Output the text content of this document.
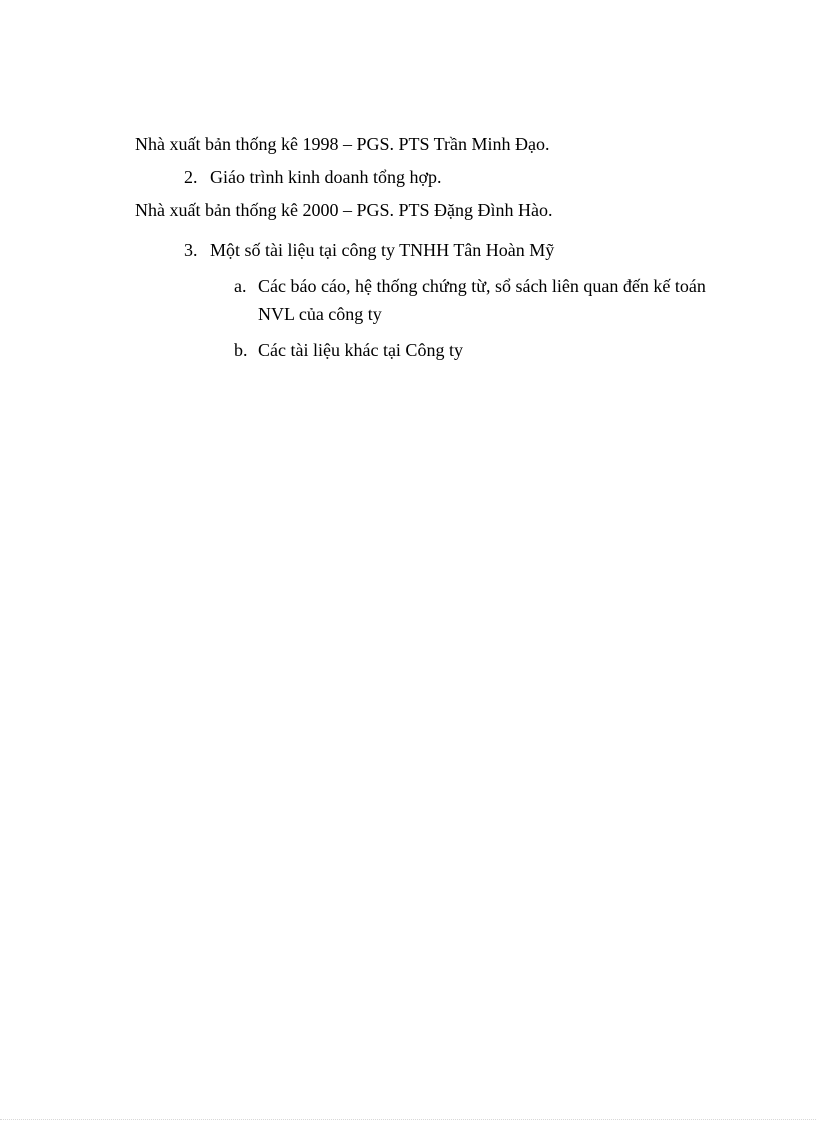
Nhà xuất bản thống kê 1998 – PGS. PTS Trần Minh Đạo.
2. Giáo trình kinh doanh tổng hợp.
Nhà xuất bản thống kê 2000 – PGS. PTS Đặng Đình Hào.
3. Một số tài liệu tại công ty TNHH Tân Hoàn Mỹ
a. Các báo cáo, hệ thống chứng từ, sổ sách liên quan đến kế toán
NVL của công ty
b. Các tài liệu khác tại Công ty
